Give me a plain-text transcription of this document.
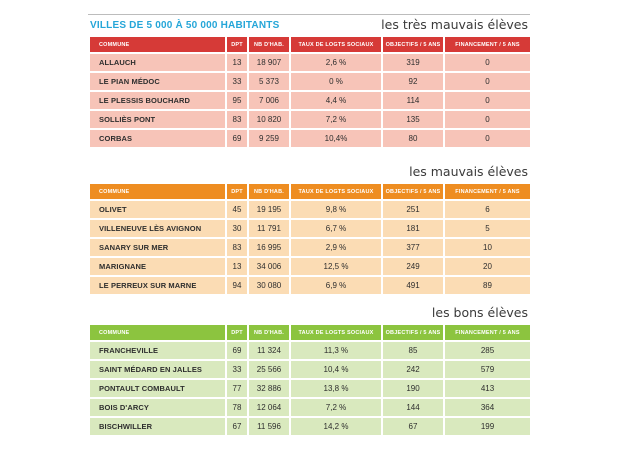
VILLES DE 5 000 À 50 000 HABITANTS	les très mauvais élèves
COMMUNE	DPT	NB D'HAB.	TAUX DE LOGTS SOCIAUX	OBJECTIFS / 5 ANS	FINANCEMENT / 5 ANS
ALLAUCH	13	18 907	2,6 %	319	0
LE PIAN MÉDOC	33	5 373	0 %	92	0
LE PLESSIS BOUCHARD	95	7 006	4,4 %	114	0
SOLLIÈS PONT	83	10 820	7,2 %	135	0
CORBAS	69	9 259	10,4%	80	0
les mauvais élèves
COMMUNE	DPT	NB D'HAB.	TAUX DE LOGTS SOCIAUX	OBJECTIFS / 5 ANS	FINANCEMENT / 5 ANS
OLIVET	45	19 195	9,8 %	251	6
VILLENEUVE LÈS AVIGNON	30	11 791	6,7 %	181	5
SANARY SUR MER	83	16 995	2,9 %	377	10
MARIGNANE	13	34 006	12,5 %	249	20
LE PERREUX SUR MARNE	94	30 080	6,9 %	491	89
les bons élèves
COMMUNE	DPT	NB D'HAB.	TAUX DE LOGTS SOCIAUX	OBJECTIFS / 5 ANS	FINANCEMENT / 5 ANS
FRANCHEVILLE	69	11 324	11,3 %	85	285
SAINT MÉDARD EN JALLES	33	25 566	10,4 %	242	579
PONTAULT COMBAULT	77	32 886	13,8 %	190	413
BOIS D'ARCY	78	12 064	7,2 %	144	364
BISCHWILLER	67	11 596	14,2 %	67	199
